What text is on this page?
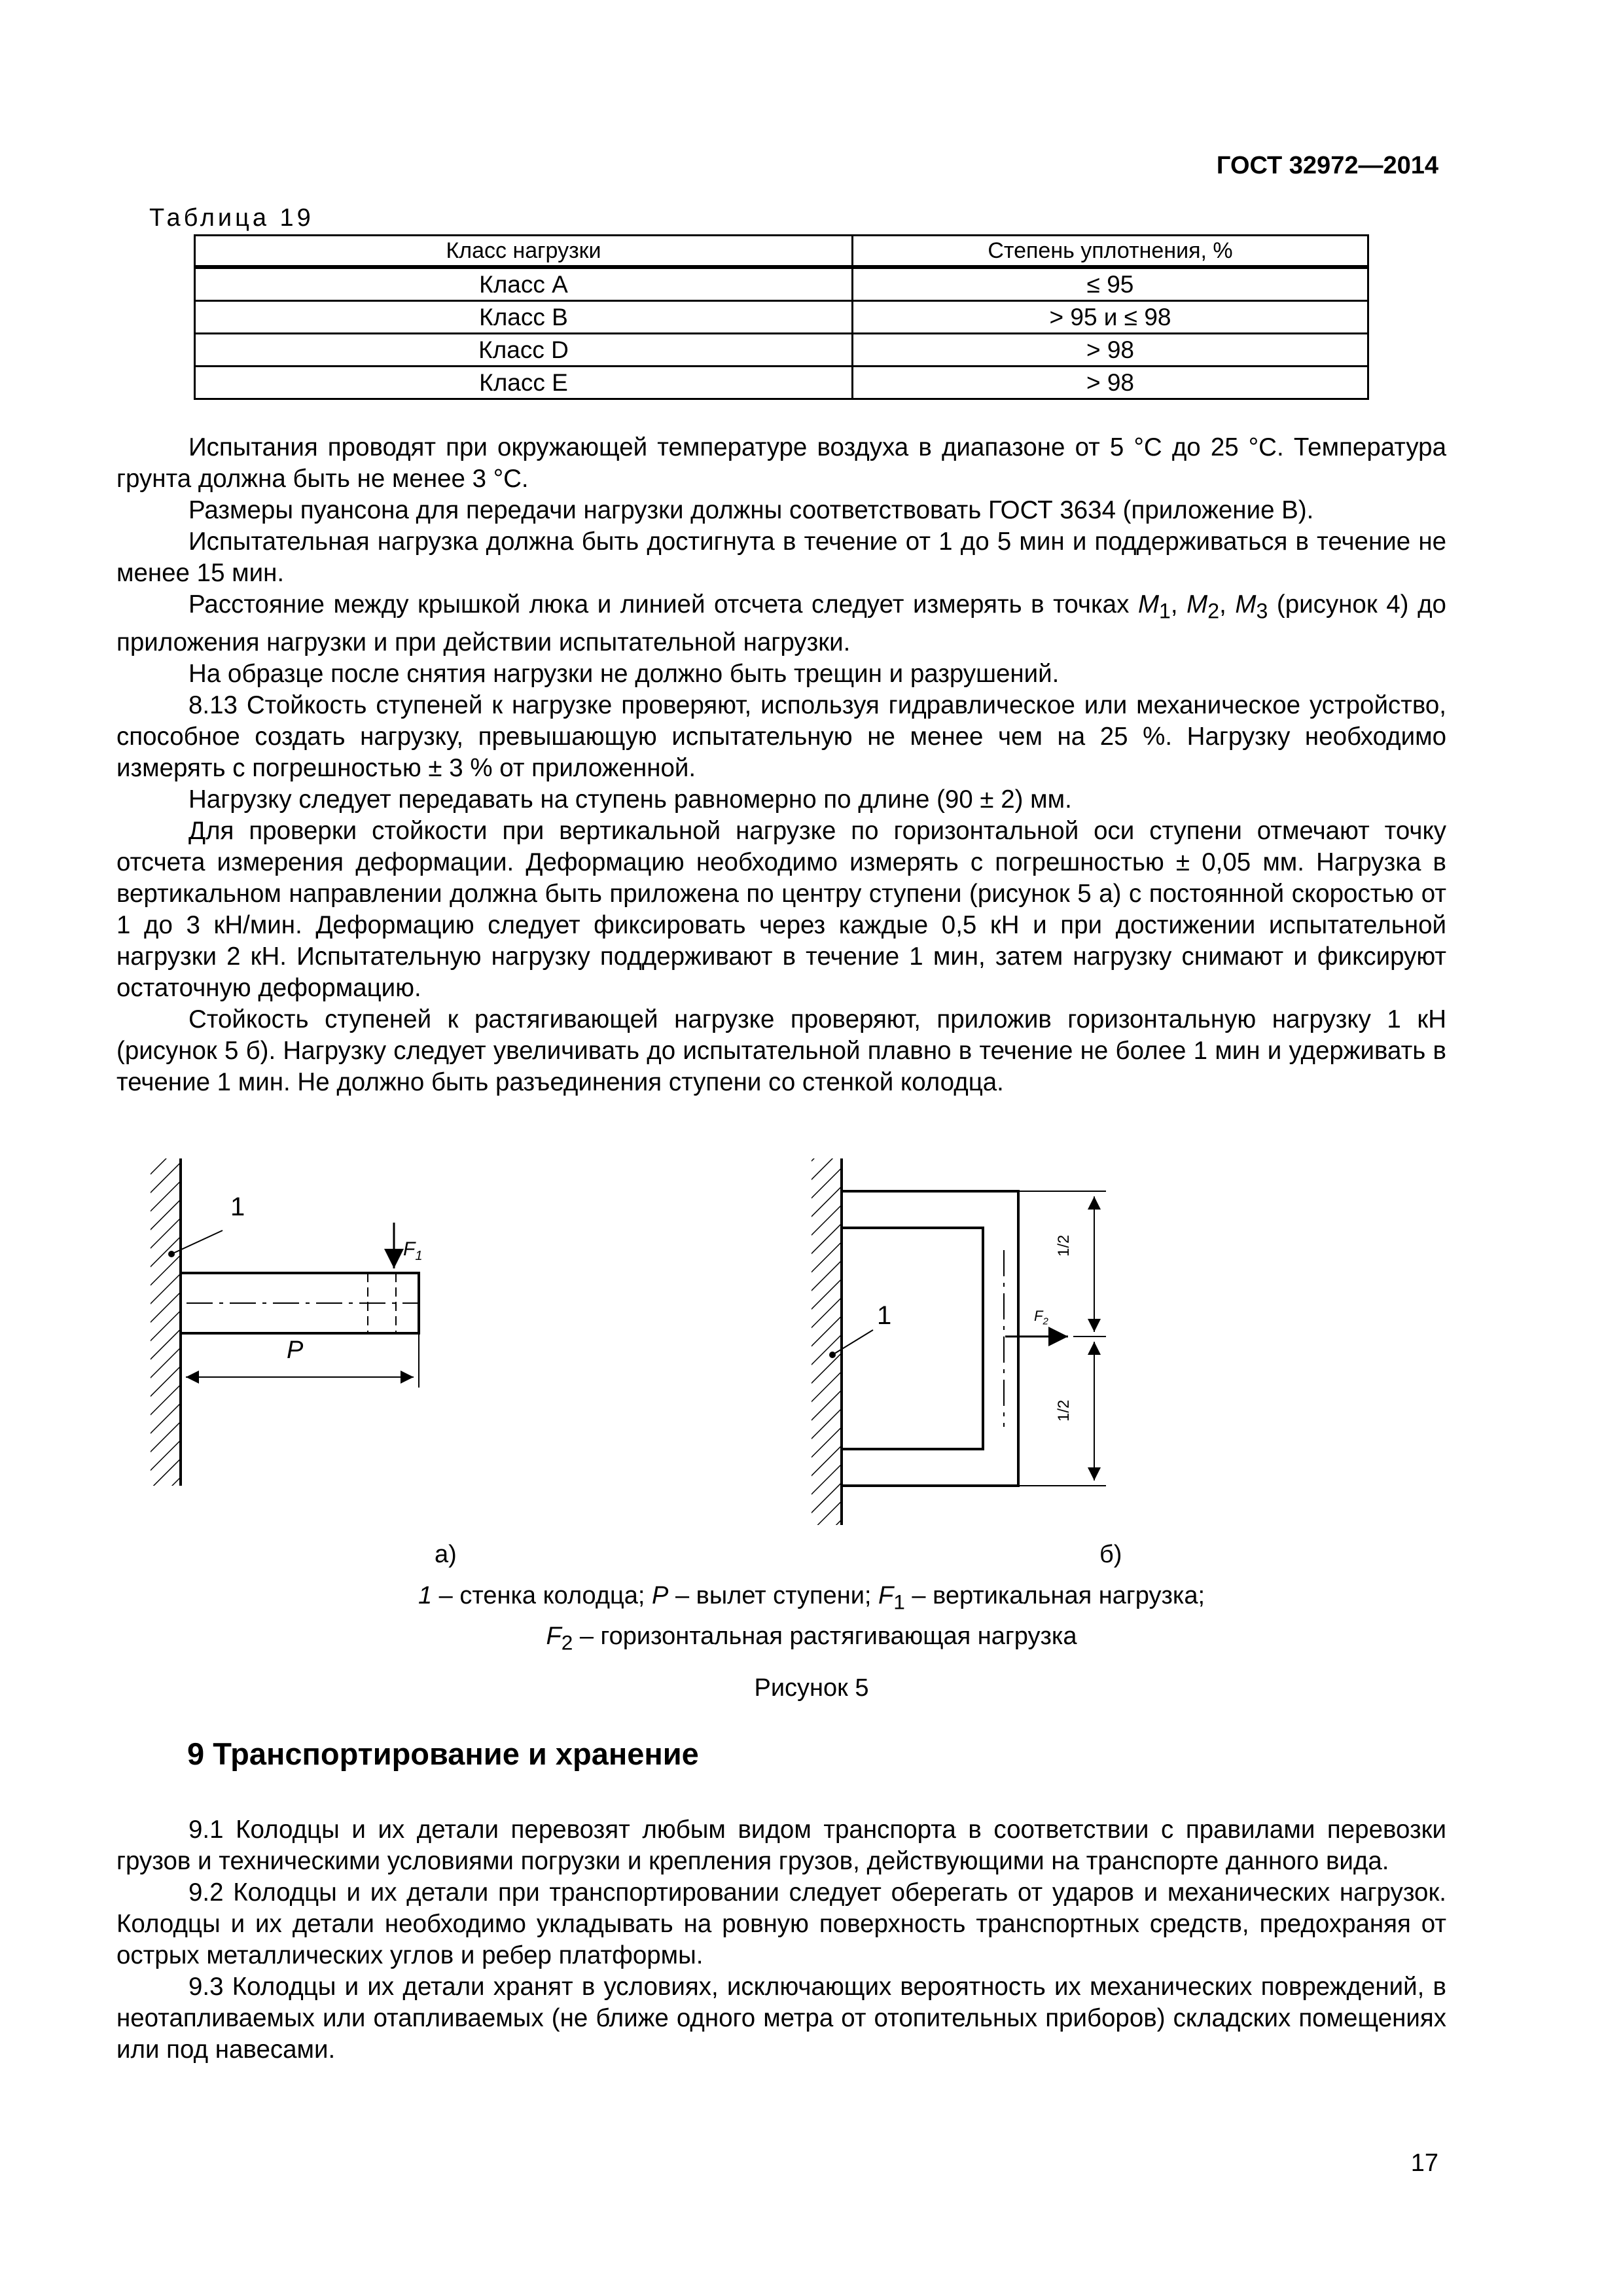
ГОСТ 32972—2014
Таблица 19
Класс нагрузки	Степень уплотнения, %
Класс А	≤ 95
Класс В	> 95 и ≤ 98
Класс D	> 98
Класс Е	> 98

Испытания проводят при окружающей температуре воздуха в диапазоне от 5 °С до 25 °С. Температура грунта должна быть не менее 3 °С.

Размеры пуансона для передачи нагрузки должны соответствовать ГОСТ 3634 (приложение В).

Испытательная нагрузка должна быть достигнута в течение от 1 до 5 мин и поддерживаться в течение не менее 15 мин.

Расстояние между крышкой люка и линией отсчета следует измерять в точках $M_1$, $M_2$, $M_3$ (рисунок 4) до приложения нагрузки и при действии испытательной нагрузки.

На образце после снятия нагрузки не должно быть трещин и разрушений.

8.13 Стойкость ступеней к нагрузке проверяют, используя гидравлическое или механическое устройство, способное создать нагрузку, превышающую испытательную не менее чем на 25 %. Нагрузку необходимо измерять с погрешностью ± 3 % от приложенной.

Нагрузку следует передавать на ступень равномерно по длине (90 ± 2) мм.

Для проверки стойкости при вертикальной нагрузке по горизонтальной оси ступени отмечают точку отсчета измерения деформации. Деформацию необходимо измерять с погрешностью ± 0,05 мм. Нагрузка в вертикальном направлении должна быть приложена по центру ступени (рисунок 5 а) с постоянной скоростью от 1 до 3 кН/мин. Деформацию следует фиксировать через каждые 0,5 кН и при достижении испытательной нагрузки 2 кН. Испытательную нагрузку поддерживают в течение 1 мин, затем нагрузку снимают и фиксируют остаточную деформацию.

Стойкость ступеней к растягивающей нагрузке проверяют, приложив горизонтальную нагрузку 1 кН (рисунок 5 б). Нагрузку следует увеличивать до испытательной плавно в течение не более 1 мин и удерживать в течение 1 мин. Не должно быть разъединения ступени со стенкой колодца.

1
$F_1$
P
1	$F_2$
1/2
1/2
а)	б)
1 – стенка колодца; P – вылет ступени; $F_1$ – вертикальная нагрузка;
$F_2$ – горизонтальная растягивающая нагрузка
Рисунок 5
9 Транспортирование и хранение

9.1 Колодцы и их детали перевозят любым видом транспорта в соответствии с правилами перевозки грузов и техническими условиями погрузки и крепления грузов, действующими на транспорте данного вида.

9.2 Колодцы и их детали при транспортировании следует оберегать от ударов и механических нагрузок. Колодцы и их детали необходимо укладывать на ровную поверхность транспортных средств, предохраняя от острых металлических углов и ребер платформы.

9.3 Колодцы и их детали хранят в условиях, исключающих вероятность их механических повреждений, в неотапливаемых или отапливаемых (не ближе одного метра от отопительных приборов) складских помещениях или под навесами.

17
